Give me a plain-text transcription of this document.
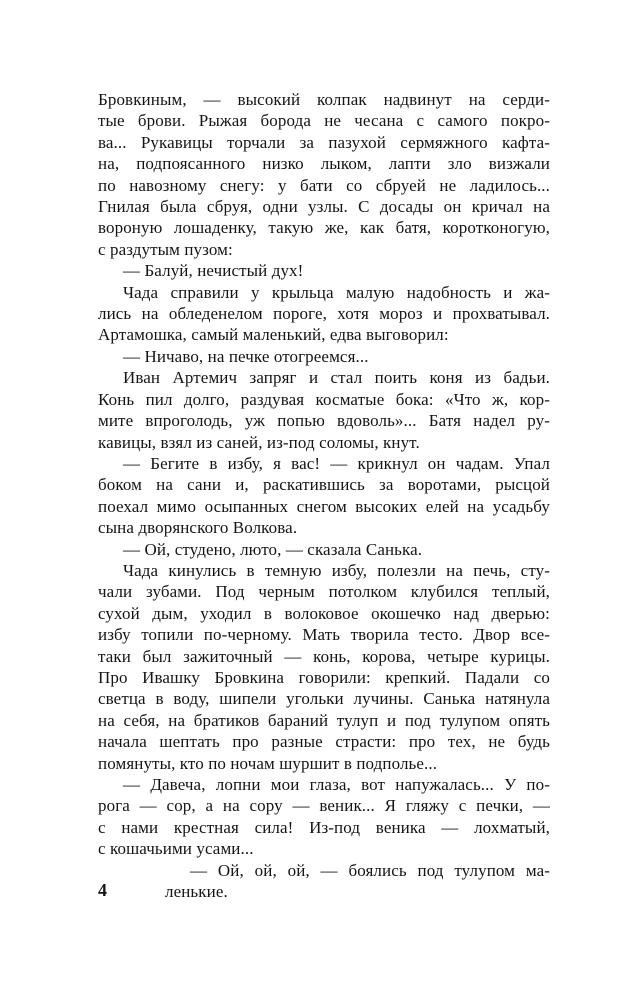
Бровкиным, — высокий колпак надвинут на серди-
тые брови. Рыжая борода не чесана с самого покро-
ва... Рукавицы торчали за пазухой сермяжного кафта-
на, подпоясанного низко лыком, лапти зло визжали
по навозному снегу: у бати со сбруей не ладилось...
Гнилая была сбруя, одни узлы. С досады он кричал на
вороную лошаденку, такую же, как батя, коротконогую,
с раздутым пузом:
— Балуй, нечистый дух!
Чада справили у крыльца малую надобность и жа-
лись на обледенелом пороге, хотя мороз и прохватывал.
Артамошка, самый маленький, едва выговорил:
— Ничаво, на печке отогреемся...
Иван Артемич запряг и стал поить коня из бадьи.
Конь пил долго, раздувая косматые бока: «Что ж, кор-
мите впроголодь, уж попью вдоволь»... Батя надел ру-
кавицы, взял из саней, из-под соломы, кнут.
— Бегите в избу, я вас! — крикнул он чадам. Упал
боком на сани и, раскатившись за воротами, рысцой
поехал мимо осыпанных снегом высоких елей на усадьбу
сына дворянского Волкова.
— Ой, студено, люто, — сказала Санька.
Чада кинулись в темную избу, полезли на печь, сту-
чали зубами. Под черным потолком клубился теплый,
сухой дым, уходил в волоковое окошечко над дверью:
избу топили по-черному. Мать творила тесто. Двор все-
таки был зажиточный — конь, корова, четыре курицы.
Про Ивашку Бровкина говорили: крепкий. Падали со
светца в воду, шипели угольки лучины. Санька натянула
на себя, на братиков бараний тулуп и под тулупом опять
начала шептать про разные страсти: про тех, не будь
помянуты, кто по ночам шуршит в подполье...
— Давеча, лопни мои глаза, вот напужалась... У по-
рога — сор, а на сору — веник... Я гляжу с печки, —
с нами крестная сила! Из-под веника — лохматый,
с кошачьими усами...
— Ой, ой, ой, — боялись под тулупом ма-
ленькие.
4
